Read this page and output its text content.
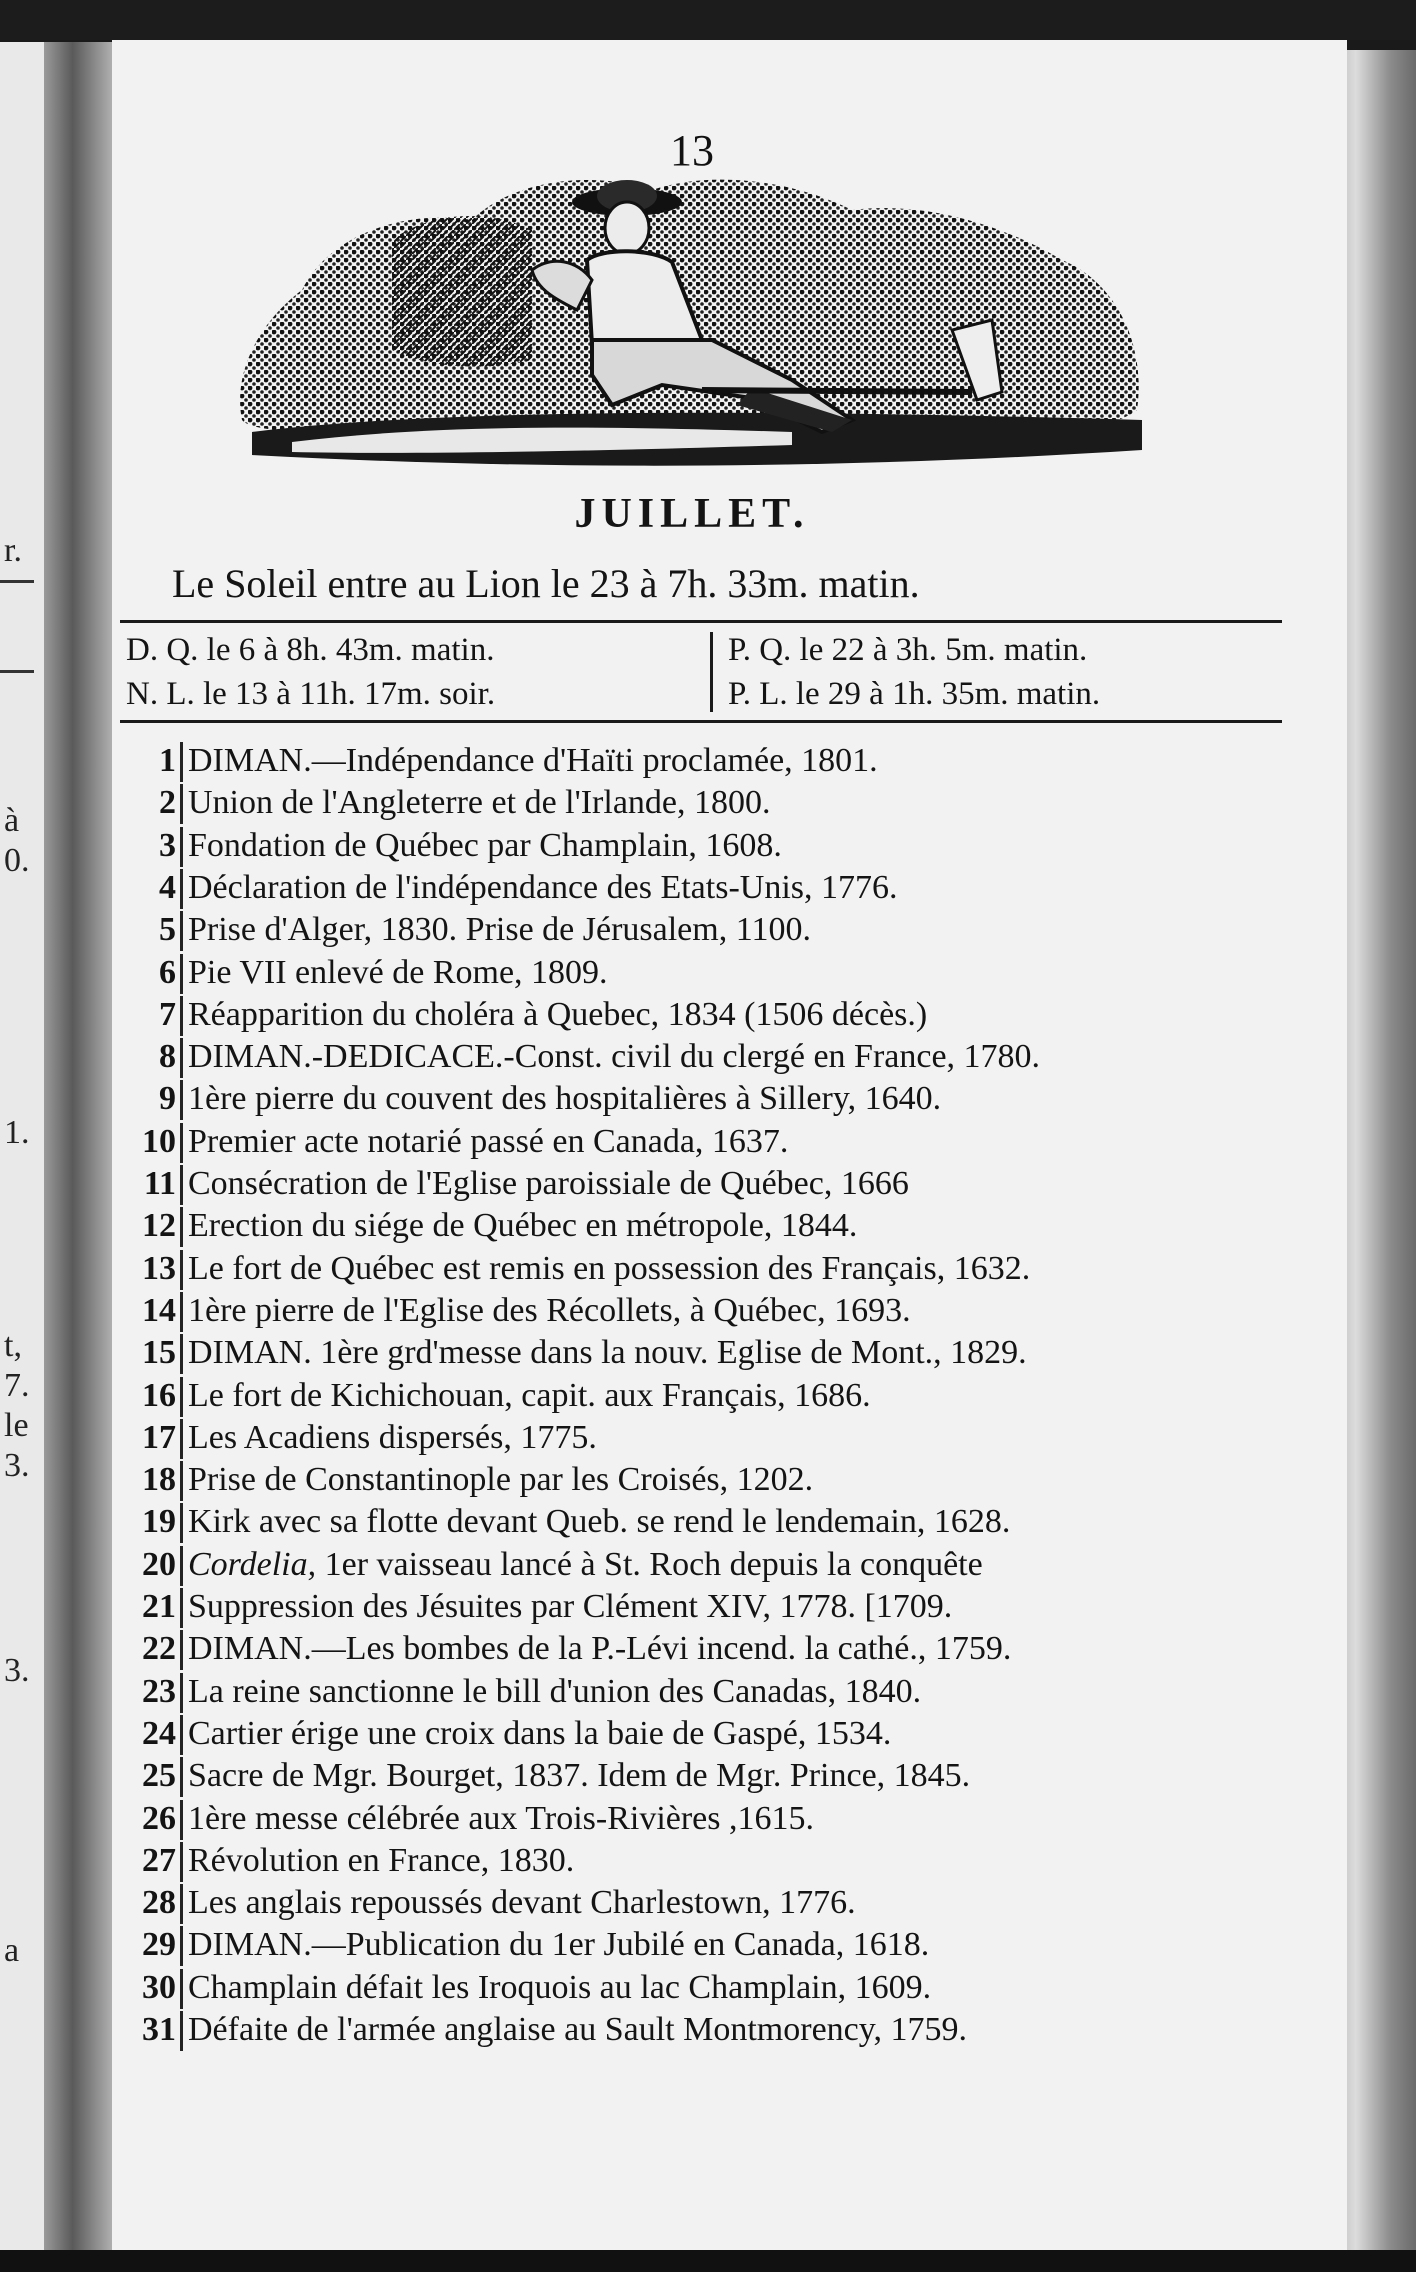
r.
à
0.
1.
t,
7.
le
3.
3.
a
13
JUILLET.
Le Soleil entre au Lion le 23 à 7h. 33m. matin.
D. Q. le 6 à 8h. 43m. matin.
N. L. le 13 à 11h. 17m. soir.
P. Q. le 22 à 3h. 5m. matin.
P. L. le 29 à 1h. 35m. matin.
1 DIMAN.—Indépendance d'Haïti proclamée, 1801.
2 Union de l'Angleterre et de l'Irlande, 1800.
3 Fondation de Québec par Champlain, 1608.
4 Déclaration de l'indépendance des Etats-Unis, 1776.
5 Prise d'Alger, 1830. Prise de Jérusalem, 1100.
6 Pie VII enlevé de Rome, 1809.
7 Réapparition du choléra à Quebec, 1834 (1506 décès.)
8 DIMAN.-DEDICACE.-Const. civil du clergé en France, 1780.
9 1ère pierre du couvent des hospitalières à Sillery, 1640.
10 Premier acte notarié passé en Canada, 1637.
11 Consécration de l'Eglise paroissiale de Québec, 1666
12 Erection du siége de Québec en métropole, 1844.
13 Le fort de Québec est remis en possession des Français, 1632.
14 1ère pierre de l'Eglise des Récollets, à Québec, 1693.
15 DIMAN. 1ère grd'messe dans la nouv. Eglise de Mont., 1829.
16 Le fort de Kichichouan, capit. aux Français, 1686.
17 Les Acadiens dispersés, 1775.
18 Prise de Constantinople par les Croisés, 1202.
19 Kirk avec sa flotte devant Queb. se rend le lendemain, 1628.
20 Cordelia, 1er vaisseau lancé à St. Roch depuis la conquête
21 Suppression des Jésuites par Clément XIV, 1778. [1709.
22 DIMAN.—Les bombes de la P.-Lévi incend. la cathé., 1759.
23 La reine sanctionne le bill d'union des Canadas, 1840.
24 Cartier érige une croix dans la baie de Gaspé, 1534.
25 Sacre de Mgr. Bourget, 1837. Idem de Mgr. Prince, 1845.
26 1ère messe célébrée aux Trois-Rivières ,1615.
27 Révolution en France, 1830.
28 Les anglais repoussés devant Charlestown, 1776.
29 DIMAN.—Publication du 1er Jubilé en Canada, 1618.
30 Champlain défait les Iroquois au lac Champlain, 1609.
31 Défaite de l'armée anglaise au Sault Montmorency, 1759.
